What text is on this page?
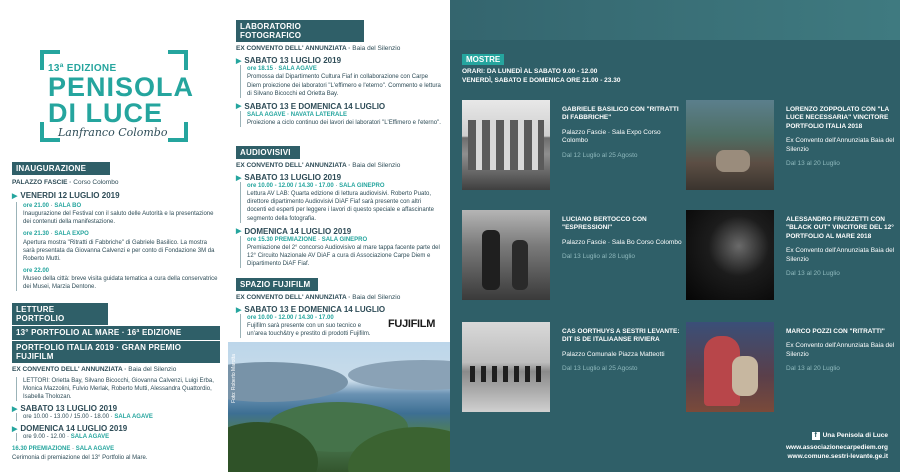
13ª EDIZIONE
PENISOLA
DI LUCE
Lanfranco Colombo
INAUGURAZIONE
PALAZZO FASCIE · Corso Colombo
▶ VENERDI 12 LUGLIO 2019
ore 21.00 · SALA BO
Inaugurazione del Festival con il saluto delle Autorità e la presentazione dei contenuti della manifestazione.
ore 21.30 · SALA EXPO
Apertura mostra "Ritratti di Fabbriche" di Gabriele Basilico. La mostra sarà presentata da Giovanna Calvenzi e per conto di Fondazione 3M da Roberto Mutti.
ore 22.00
Museo della città: breve visita guidata tematica a cura della conservatrice dei Musei, Marzia Dentone.
LETTURE PORTFOLIO
13° PORTFOLIO AL MARE · 16ª EDIZIONE
PORTFOLIO ITALIA 2019 · GRAN PREMIO FUJIFILM
EX CONVENTO DELL' ANNUNZIATA · Baia del Silenzio
LETTORI: Orietta Bay, Silvano Bicocchi, Giovanna Calvenzi, Luigi Erba, Monica Mazzolini, Fulvio Merlak, Roberto Mutti, Alessandra Quattordio, Isabella Tholozan.
▶ SABATO 13 LUGLIO 2019
ore 10.00 - 13.00 / 15.00 - 18.00 · SALA AGAVE
▶ DOMENICA 14 LUGLIO 2019
ore 9.00 - 12.00 · SALA AGAVE
16.30 PREMIAZIONE · SALA AGAVE
Cerimonia di premiazione del 13° Portfolio al Mare.
LABORATORIO FOTOGRAFICO
EX CONVENTO DELL' ANNUNZIATA · Baia del Silenzio
▶ SABATO 13 LUGLIO 2019
ore 18.15 · SALA AGAVE
Promossa dal Dipartimento Cultura Fiaf in collaborazione con Carpe Diem proiezione dei laboratori "L'effimero e l'eterno". Commento e lettura di Silvano Bicocchi ed Orietta Bay.
▶ SABATO 13 E DOMENICA 14 LUGLIO
SALA AGAVE · NAVATA LATERALE
Proiezione a ciclo continuo dei lavori dei laboratori "L'Effimero e l'eterno".
AUDIOVISIVI
EX CONVENTO DELL' ANNUNZIATA · Baia del Silenzio
▶ SABATO 13 LUGLIO 2019
ore 10.00 - 12.00 / 14.30 - 17.00 · SALA GINEPRO
Lettura AV LAB: Quarta edizione di lettura audiovisivi. Roberto Puato, direttore dipartimento Audiovisivi DiAF Fiaf sarà presente con altri docenti ed esperti per leggere i lavori di questo speciale e affascinante segmento della fotografia.
▶ DOMENICA 14 LUGLIO 2019
ore 15.30 PREMIAZIONE · SALA GINEPRO
Premiazione del 2° concorso Audiovisivo al mare tappa facente parte del 12° Circuito Nazionale AV DiAF a cura di Associazione Carpe Diem e Dipartimento DiAF Fiaf.
SPAZIO FUJIFILM
EX CONVENTO DELL' ANNUNZIATA · Baia del Silenzio
▶ SABATO 13 E DOMENICA 14 LUGLIO
ore 10.00 - 12.00 / 14.30 - 17.00
Fujifilm sarà presente con un suo tecnico e un'area touch&try e prestito di prodotti Fujifilm.
FUJIFILM
Foto: Roberto Marotta
MOSTRE
ORARI: DA LUNEDÌ AL SABATO 9.00 - 12.00
VENERDÌ, SABATO E DOMENICA ORE 21.00 - 23.30
GABRIELE BASILICO CON "RITRATTI DI FABBRICHE"
Palazzo Fascie · Sala Expo Corso Colombo
Dal 12 Luglio al 25 Agosto
LORENZO ZOPPOLATO CON "LA LUCE NECESSARIA" VINCITORE PORTFOLIO ITALIA 2018
Ex Convento dell'Annunziata Baia del Silenzio
Dal 13 al 20 Luglio
LUCIANO BERTOCCO CON "ESPRESSIONI"
Palazzo Fascie · Sala Bo Corso Colombo
Dal 13 Luglio al 28 Luglio
ALESSANDRO FRUZZETTI CON "BLACK OUT" VINCITORE DEL 12° PORTFOLIO AL MARE 2018
Ex Convento dell'Annunziata Baia del Silenzio
Dal 13 al 20 Luglio
CAS OORTHUYS A SESTRI LEVANTE: DIT IS DE ITALIAANSE RIVIERA
Palazzo Comunale Piazza Matteotti
Dal 13 Luglio al 25 Agosto
MARCO POZZI CON "RITRATTI"
Ex Convento dell'Annunziata Baia del Silenzio
Dal 13 al 20 Luglio
f Una Penisola di Luce
www.associazionecarpediem.org
www.comune.sestri-levante.ge.it
